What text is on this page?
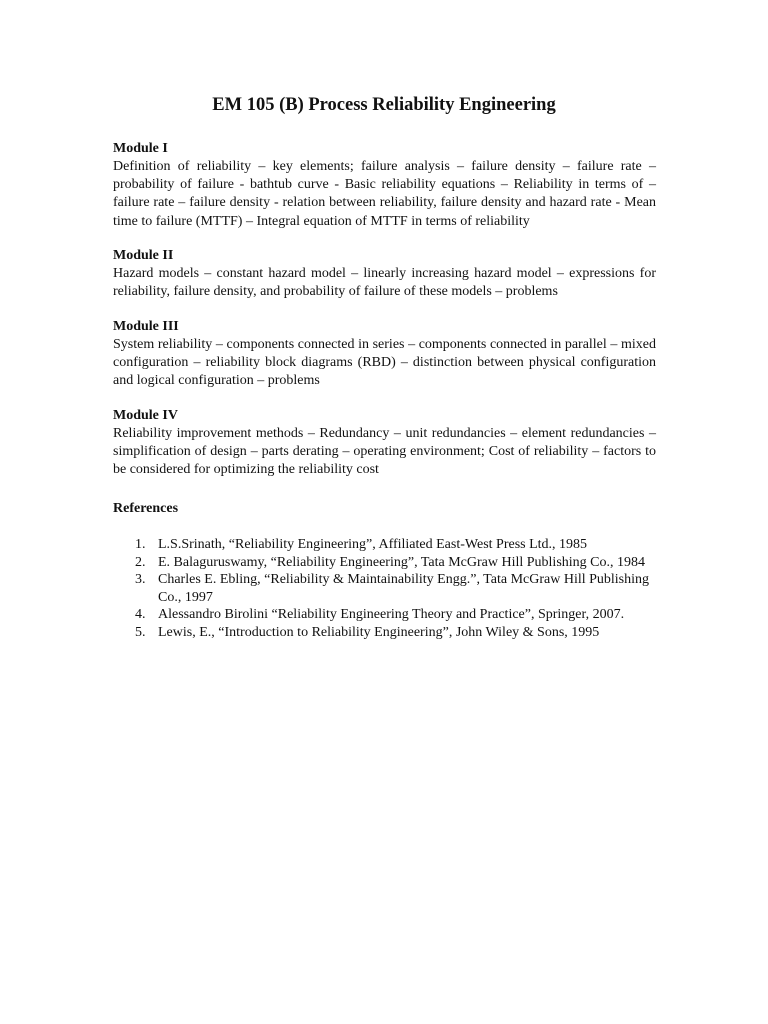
EM 105 (B) Process Reliability Engineering
Module I
Definition of reliability – key elements; failure analysis – failure density – failure rate – probability of failure - bathtub curve - Basic reliability equations – Reliability in terms of – failure rate – failure density - relation between reliability, failure density and hazard rate - Mean time to failure (MTTF) – Integral equation of MTTF in terms of reliability
Module II
Hazard models – constant hazard model – linearly increasing hazard model – expressions for reliability, failure density, and probability of failure of these models – problems
Module III
System reliability – components connected in series – components connected in parallel – mixed configuration – reliability block diagrams (RBD) – distinction between physical configuration and logical configuration – problems
Module IV
Reliability improvement methods – Redundancy – unit redundancies – element redundancies – simplification of design – parts derating – operating environment; Cost of reliability – factors to be considered for optimizing the reliability cost
References
1. L.S.Srinath, “Reliability Engineering”, Affiliated East-West Press Ltd., 1985
2. E. Balaguruswamy, “Reliability Engineering”, Tata McGraw Hill Publishing Co., 1984
3. Charles E. Ebling, “Reliability & Maintainability Engg.”, Tata McGraw Hill Publishing Co., 1997
4. Alessandro Birolini “Reliability Engineering Theory and Practice”, Springer, 2007.
5. Lewis, E., “Introduction to Reliability Engineering”, John Wiley & Sons, 1995
